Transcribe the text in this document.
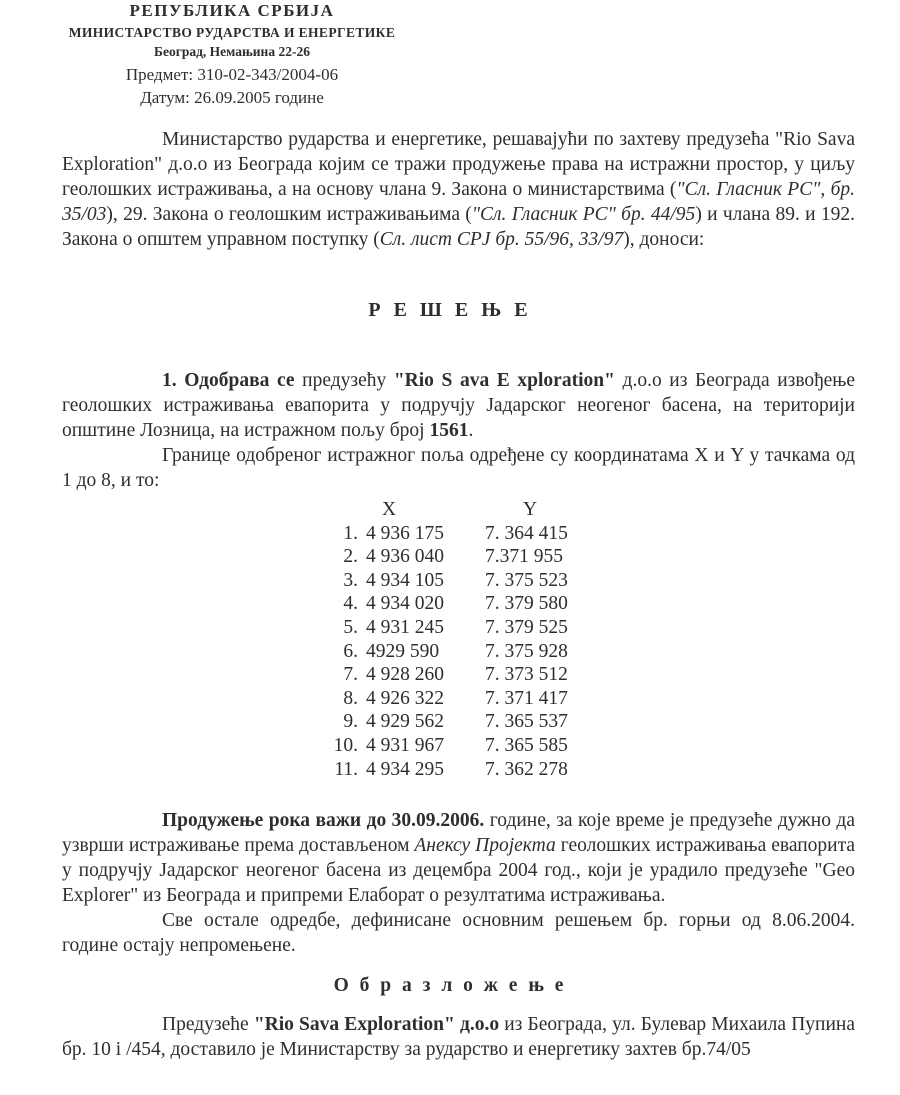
РЕПУБЛИКА СРБИЈА
МИНИСТАРСТВО РУДАРСТВА И ЕНЕРГЕТИКЕ
Београд, Немањина 22-26
Предмет: 310-02-343/2004-06
Датум: 26.09.2005 године

Министарство рударства и енергетике, решавајући по захтеву предузећа "Rio Sava Exploration" д.о.о из Београда којим се тражи продужење права на истражни простор, у циљу геолошких истраживања, а на основу члана 9. Закона о министарствима ("Сл. Гласник РС", бр. 35/03), 29. Закона о геолошким истраживањима ("Сл. Гласник РС" бр. 44/95) и члана 89. и 192. Закона о општем управном поступку (Сл. лист СРЈ бр. 55/96, 33/97), доноси:

Р Е Ш Е Њ Е

1. Одобрава се предузећу "Rio S ava E xploration" д.о.о из Београда извођење геолошких истраживања евапорита у подручју Јадарског неогеног басена, на територији општине Лозница, на истражном пољу број 1561.

Границе одобреног истражног поља одређене су координатама X и Y у тачкама од 1 до 8, и то:

X	Y
1. 4 936 175	7. 364 415
2. 4 936 040	7.371 955
3. 4 934 105	7. 375 523
4. 4 934 020	7. 379 580
5. 4 931 245	7. 379 525
6. 4929 590	7. 375 928
7. 4 928 260	7. 373 512
8. 4 926 322	7. 371 417
9. 4 929 562	7. 365 537
10. 4 931 967	7. 365 585
11. 4 934 295	7. 362 278

Продужење рока важи до 30.09.2006. године, за које време је предузеће дужно да узврши истраживање према достављеном Анексу Пројекта геолошких истраживања евапорита у подручју Јадарског неогеног басена из децембра 2004 год., који је урадило предузеће "Geo Explorer" из Београда и припреми Елаборат о резултатима истраживања.

Све остале одредбе, дефинисане основним решењем бр. горњи од 8.06.2004. године остају непромењене.

О б р а з л о ж е њ е

Предузеће "Rio Sava Exploration" д.о.о из Београда, ул. Булевар Михаила Пупина бр. 10 i /454, доставило је Министарству за рударство и енергетику захтев бр.74/05
